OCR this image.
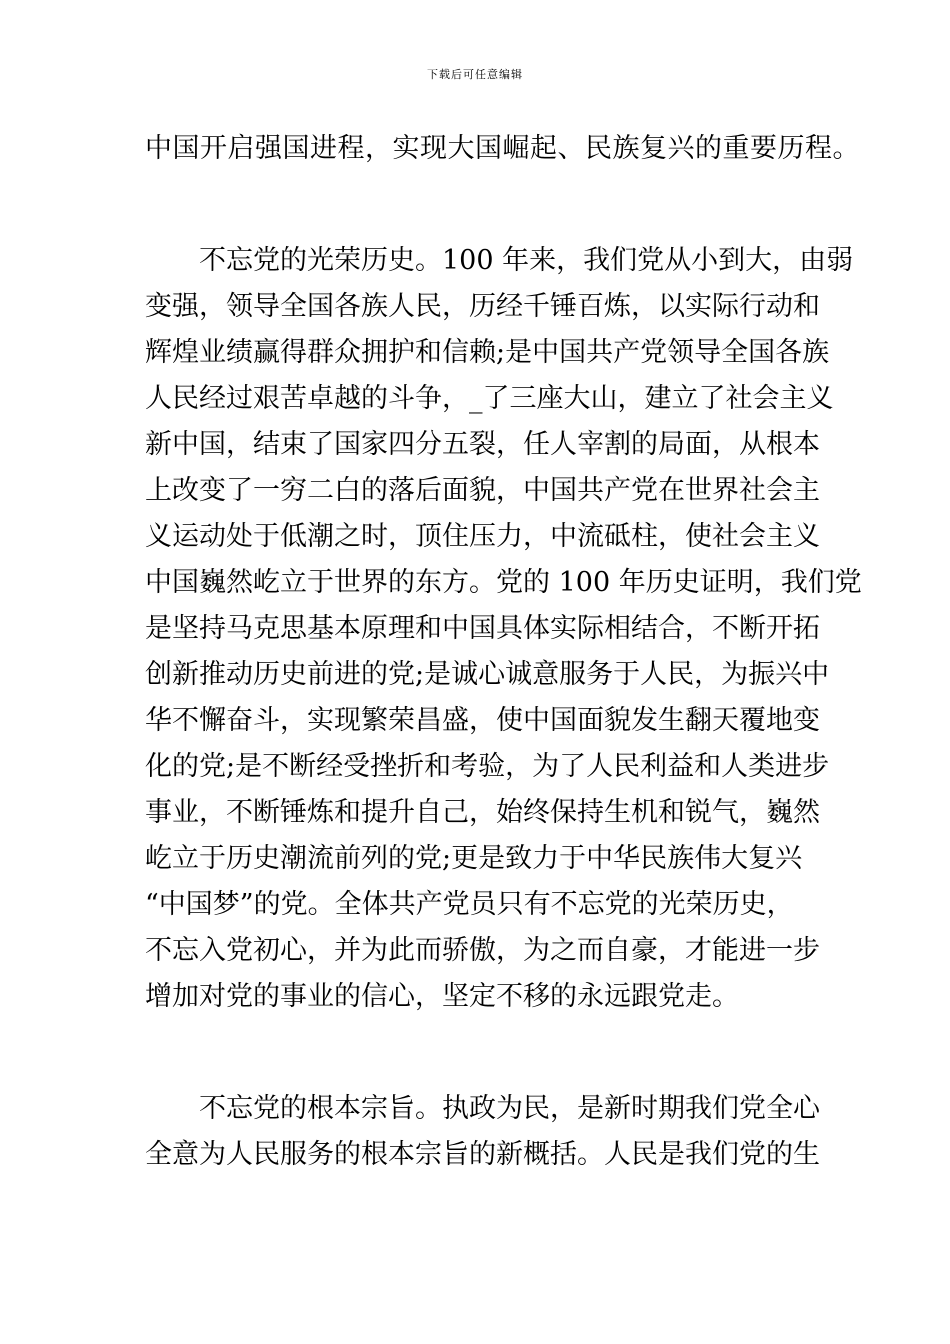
下载后可任意编辑
中国开启强国进程，实现大国崛起、民族复兴的重要历程。
不忘党的光荣历史。100 年来，我们党从小到大，由弱
变强，领导全国各族人民，历经千锤百炼，以实际行动和
辉煌业绩赢得群众拥护和信赖;是中国共产党领导全国各族
人民经过艰苦卓越的斗争，_了三座大山，建立了社会主义
新中国，结束了国家四分五裂，任人宰割的局面，从根本
上改变了一穷二白的落后面貌，中国共产党在世界社会主
义运动处于低潮之时，顶住压力，中流砥柱，使社会主义
中国巍然屹立于世界的东方。党的 100 年历史证明，我们党
是坚持马克思基本原理和中国具体实际相结合，不断开拓
创新推动历史前进的党;是诚心诚意服务于人民，为振兴中
华不懈奋斗，实现繁荣昌盛，使中国面貌发生翻天覆地变
化的党;是不断经受挫折和考验，为了人民利益和人类进步
事业，不断锤炼和提升自己，始终保持生机和锐气，巍然
屹立于历史潮流前列的党;更是致力于中华民族伟大复兴
“中国梦”的党。全体共产党员只有不忘党的光荣历史，
不忘入党初心，并为此而骄傲，为之而自豪，才能进一步
增加对党的事业的信心，坚定不移的永远跟党走。
不忘党的根本宗旨。执政为民，是新时期我们党全心
全意为人民服务的根本宗旨的新概括。人民是我们党的生
